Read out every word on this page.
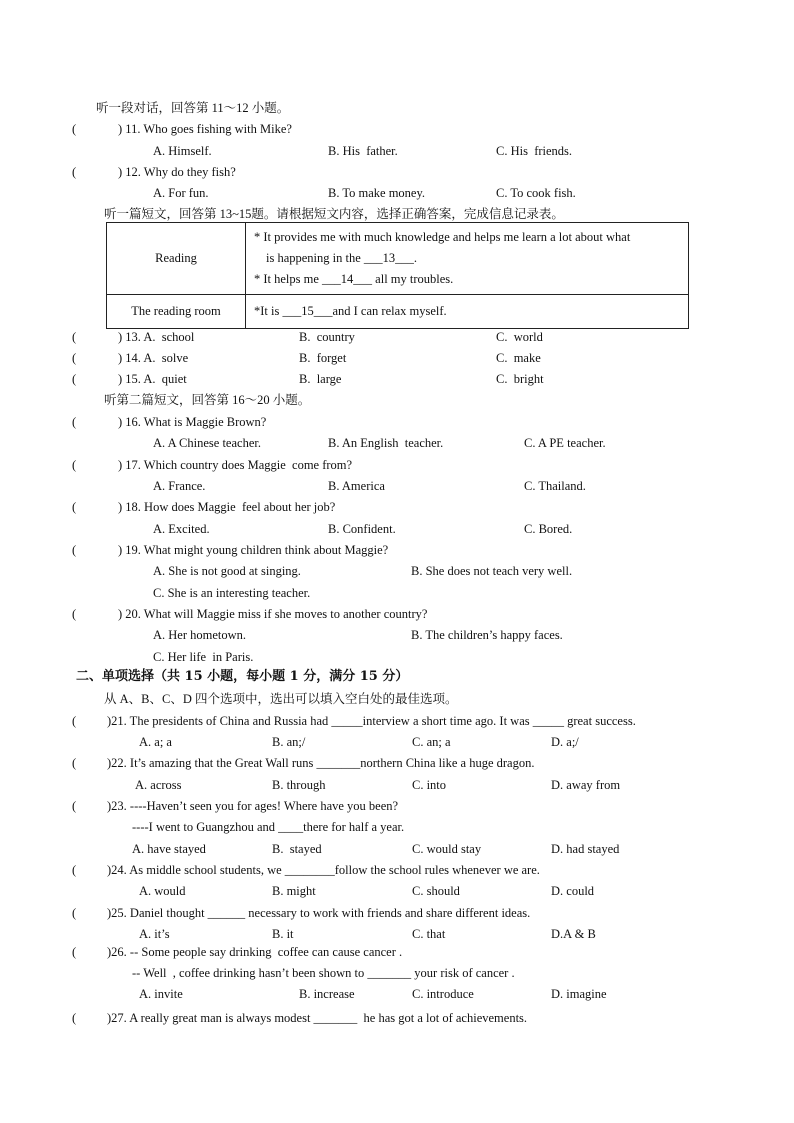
听一段对话，回答第 11～12 小题。
(	) 11. Who goes fishing with Mike?
A. Himself.	B. His  father.	C. His  friends.
(	) 12. Why do they fish?
A. For fun.	B. To make money.	C. To cook fish.
听一篇短文，回答第 13~15题。请根据短文内容，选择正确答案，完成信息记录表。
Reading	* It provides me with much knowledge and helps me learn a lot about what
is happening in the ___13___.
* It helps me ___14___ all my troubles.

The reading room	*It is ___15___and I can relax myself.
(	) 13. A.  school	B.  country	C.  world
(	) 14. A.  solve	B.  forget	C.  make
(	) 15. A.  quiet	B.  large	C.  bright
听第二篇短文，回答第 16～20 小题。
(	) 16. What is Maggie Brown?
A. A Chinese teacher.	B. An English  teacher.	C. A PE teacher.
(	) 17. Which country does Maggie  come from?
A. France.	B. America	C. Thailand.
(	) 18. How does Maggie  feel about her job?
A. Excited.	B. Confident.	C. Bored.
(	) 19. What might young children think about Maggie?
A. She is not good at singing.	B. She does not teach very well.
C. She is an interesting teacher.
(	) 20. What will Maggie miss if she moves to another country?
A. Her hometown.	B. The children’s happy faces.
C. Her life  in Paris.
二、单项选择（共 15 小题，每小题 1 分，满分 15 分）
从 A、B、C、D 四个选项中，选出可以填入空白处的最佳选项。
( )21. The presidents of China and Russia had _____interview a short time ago. It was _____ great success.
A. a; a	B. an;/	C. an; a	D. a;/
( )22. It’s amazing that the Great Wall runs _______northern China like a huge dragon.
A. across	B. through	C. into	D. away from
( )23. ----Haven’t seen you for ages! Where have you been?
----I went to Guangzhou and ____there for half a year.
A. have stayed	B.  stayed	C. would stay	D. had stayed
( )24. As middle school students, we ________follow the school rules whenever we are.
A. would	B. might	C. should	D. could
( )25. Daniel thought ______ necessary to work with friends and share different ideas.
A. it’s	B. it	C. that	D.A & B
( )26. -- Some people say drinking  coffee can cause cancer .
-- Well  , coffee drinking hasn’t been shown to _______ your risk of cancer .
A. invite	B. increase	C. introduce	D. imagine
( )27. A really great man is always modest _______  he has got a lot of achievements.
